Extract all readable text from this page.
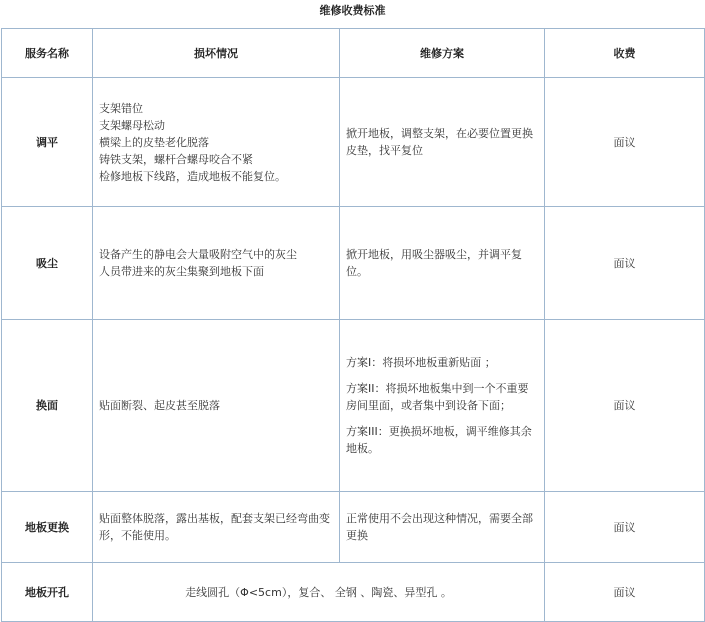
维修收费标准
服务名称	损坏情况	维修方案	收费
调平	支架错位
支架螺母松动
横梁上的皮垫老化脱落
铸铁支架，螺杆合螺母咬合不紧
检修地板下线路，造成地板不能复位。	掀开地板，调整支架，在必要位置更换皮垫，找平复位	面议
吸尘	设备产生的静电会大量吸附空气中的灰尘
人员带进来的灰尘集聚到地板下面	掀开地板，用吸尘器吸尘，并调平复位。	面议
换面	贴面断裂、起皮甚至脱落	方案I：将损坏地板重新贴面 ；
方案II：将损坏地板集中到一个不重要房间里面，或者集中到设备下面；
方案III：更换损坏地板，调平维修其余地板。	面议
地板更换	贴面整体脱落，露出基板，配套支架已经弯曲变形，不能使用。	正常使用不会出现这种情况，需要全部更换	面议
地板开孔	走线圆孔（Φ<5cm），复合、 全钢 、陶瓷、异型孔 。		面议
